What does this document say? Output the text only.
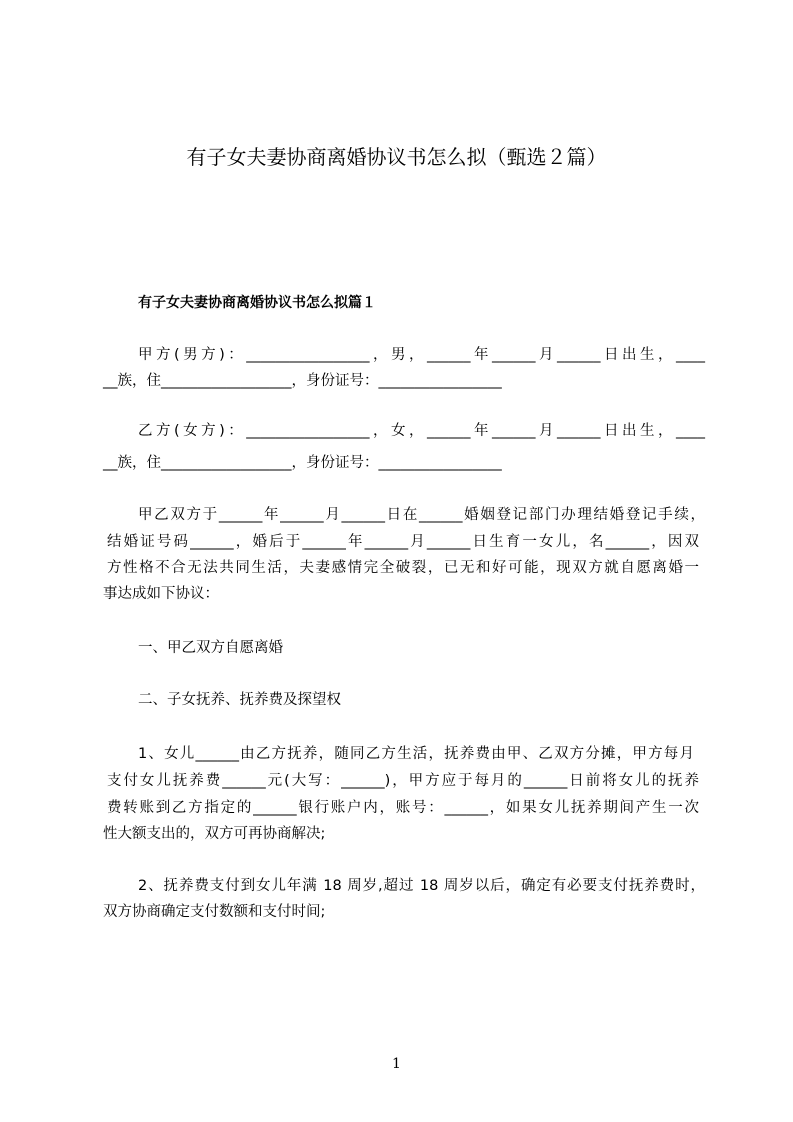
有子女夫妻协商离婚协议书怎么拟（甄选２篇）
有子女夫妻协商离婚协议书怎么拟篇１
甲方(男方)：_________________，男，______年______月______日出生，____
__族，住__________________，身份证号：_________________
乙方(女方)：_________________，女，______年______月______日出生，____
__族，住__________________，身份证号：_________________
甲乙双方于______年______月______日在______婚姻登记部门办理结婚登记手续，
结婚证号码______，婚后于______年______月______日生育一女儿，名______，因双
方性格不合无法共同生活，夫妻感情完全破裂，已无和好可能，现双方就自愿离婚一
事达成如下协议：
一、甲乙双方自愿离婚
二、子女抚养、抚养费及探望权
1、女儿______由乙方抚养，随同乙方生活，抚养费由甲、乙双方分摊，甲方每月
支付女儿抚养费______元(大写：______)，甲方应于每月的______日前将女儿的抚养
费转账到乙方指定的______银行账户内，账号：______，如果女儿抚养期间产生一次
性大额支出的，双方可再协商解决;
2、抚养费支付到女儿年满 18 周岁,超过 18 周岁以后，确定有必要支付抚养费时，
双方协商确定支付数额和支付时间;
1
